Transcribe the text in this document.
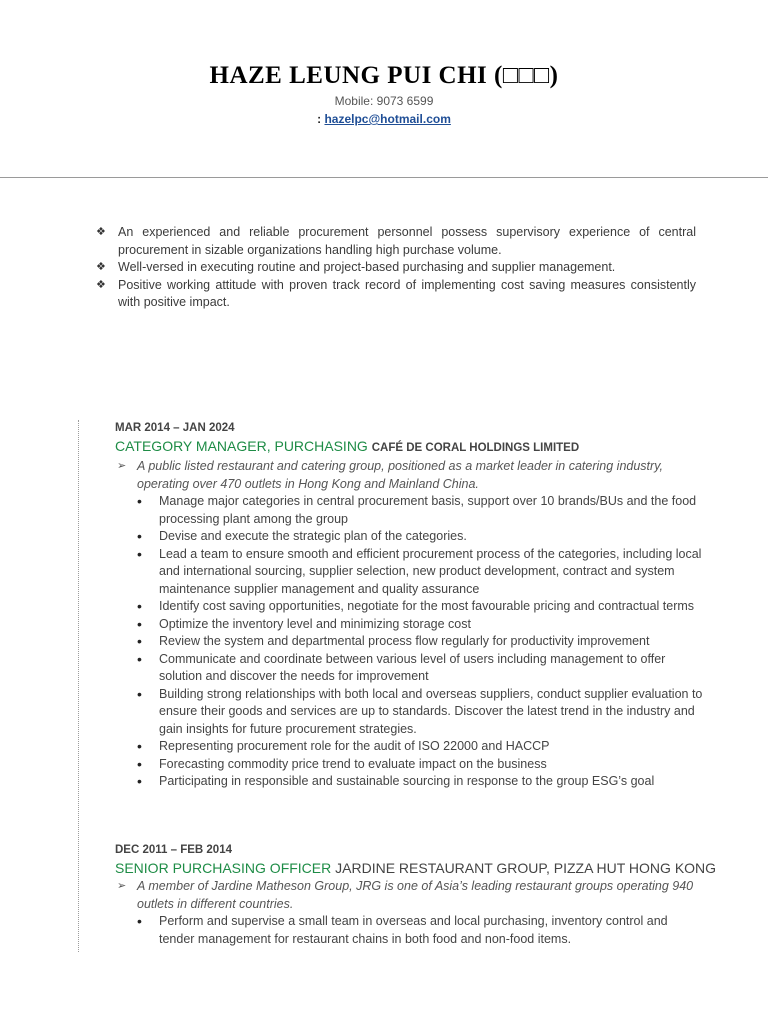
HAZE LEUNG PUI CHI (□□□)
Mobile: 9073 6599
: hazelpc@hotmail.com
❖ An experienced and reliable procurement personnel possess supervisory experience of central procurement in sizable organizations handling high purchase volume.
❖ Well-versed in executing routine and project-based purchasing and supplier management.
❖ Positive working attitude with proven track record of implementing cost saving measures consistently with positive impact.
MAR 2014 – JAN 2024
CATEGORY MANAGER, PURCHASING CAFÉ DE CORAL HOLDINGS LIMITED
➢ A public listed restaurant and catering group, positioned as a market leader in catering industry, operating over 470 outlets in Hong Kong and Mainland China.
• Manage major categories in central procurement basis, support over 10 brands/BUs and the food processing plant among the group
• Devise and execute the strategic plan of the categories.
• Lead a team to ensure smooth and efficient procurement process of the categories, including local and international sourcing, supplier selection, new product development, contract and system maintenance supplier management and quality assurance
• Identify cost saving opportunities, negotiate for the most favourable pricing and contractual terms
• Optimize the inventory level and minimizing storage cost
• Review the system and departmental process flow regularly for productivity improvement
• Communicate and coordinate between various level of users including management to offer solution and discover the needs for improvement
• Building strong relationships with both local and overseas suppliers, conduct supplier evaluation to ensure their goods and services are up to standards. Discover the latest trend in the industry and gain insights for future procurement strategies.
• Representing procurement role for the audit of ISO 22000 and HACCP
• Forecasting commodity price trend to evaluate impact on the business
• Participating in responsible and sustainable sourcing in response to the group ESG’s goal
DEC 2011 – FEB 2014
SENIOR PURCHASING OFFICER JARDINE RESTAURANT GROUP, PIZZA HUT HONG KONG
➢ A member of Jardine Matheson Group, JRG is one of Asia’s leading restaurant groups operating 940 outlets in different countries.
• Perform and supervise a small team in overseas and local purchasing, inventory control and tender management for restaurant chains in both food and non-food items.
